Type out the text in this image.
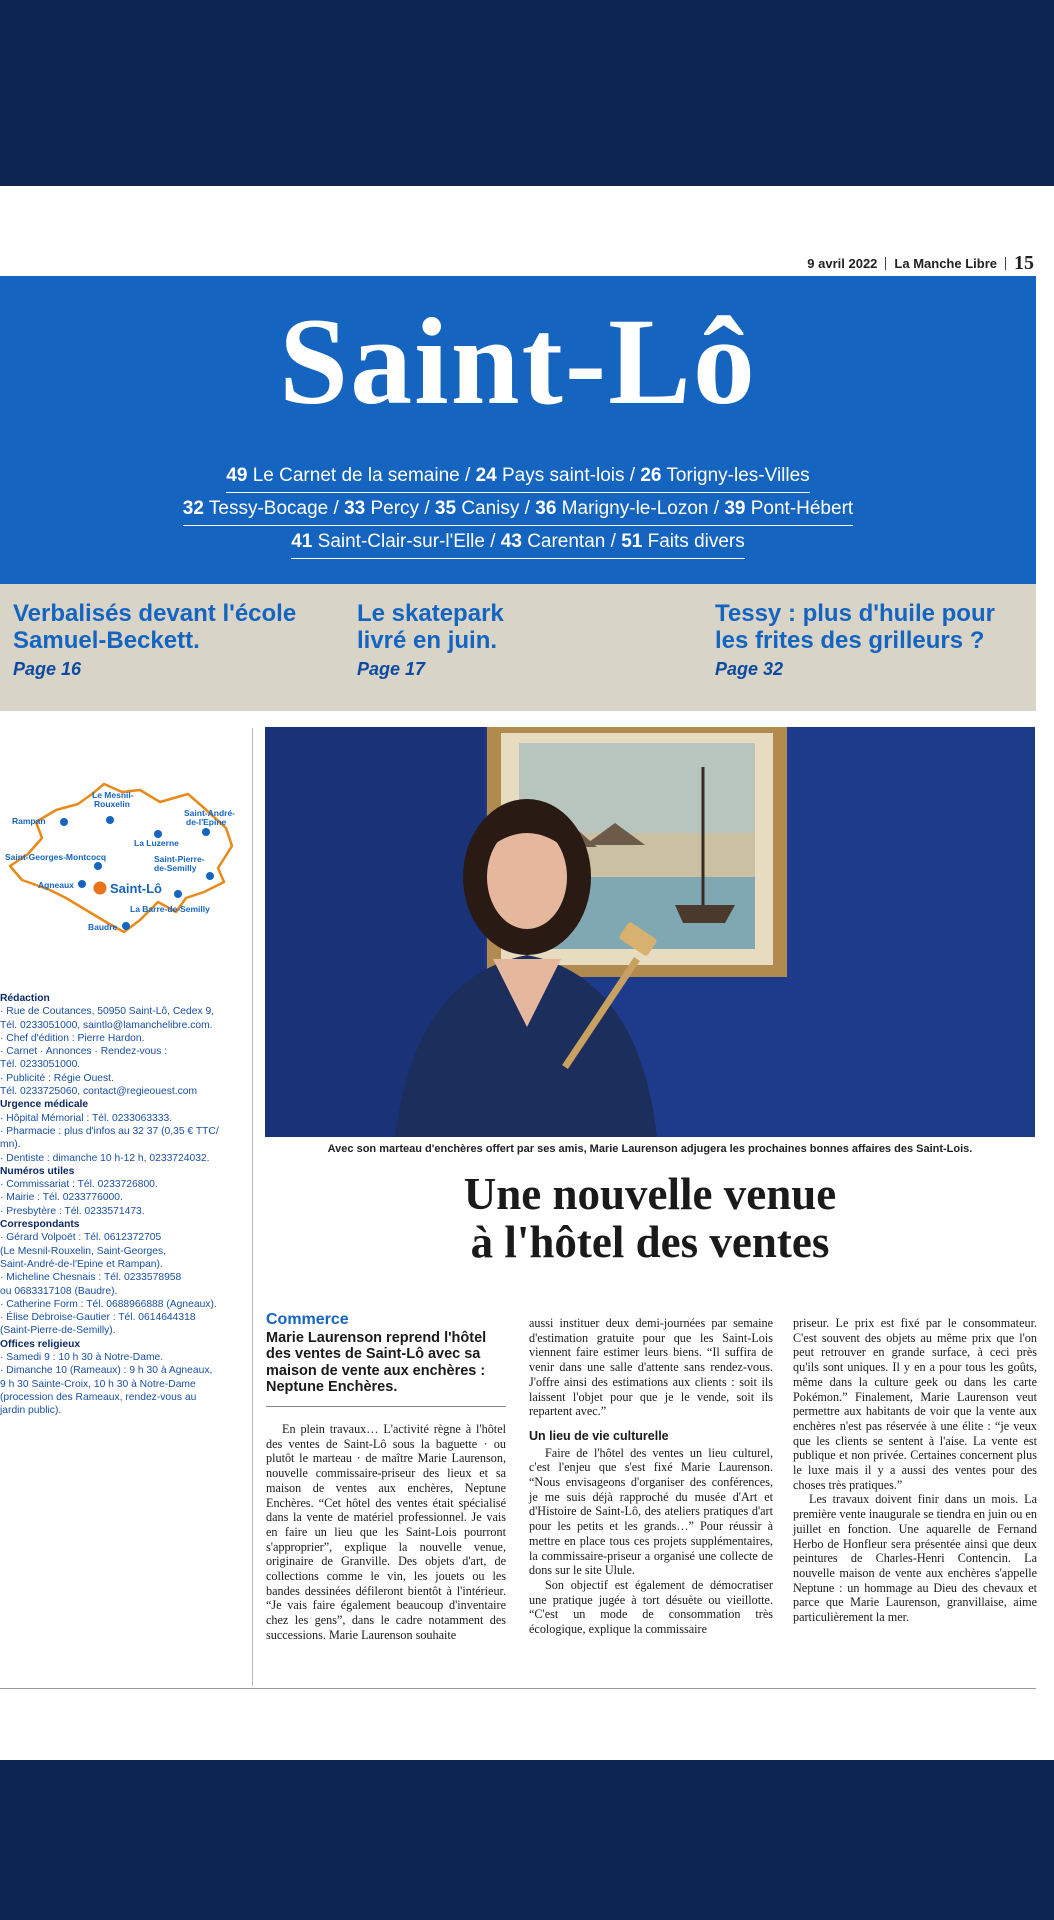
9 avril 2022 La Manche Libre 15
Saint-Lô
49 Le Carnet de la semaine / 24 Pays saint-lois / 26 Torigny-les-Villes
32 Tessy-Bocage / 33 Percy / 35 Canisy / 36 Marigny-le-Lozon / 39 Pont-Hébert
41 Saint-Clair-sur-l'Elle / 43 Carentan / 51 Faits divers
Verbalisés devant l'école
Samuel-Beckett.
Page 16
Le skatepark
livré en juin.
Page 17
Tessy : plus d'huile pour
les frites des grilleurs ?
Page 32
Le Mesnil-
Rouxelin
Rampan
Saint-André-
de-l'Epine
La Luzerne
Saint-Georges-Montcocq	Saint-Pierre-
de-Semilly
Agneaux	Saint-Lô
La Barre-de-Semilly
Baudre
Rédaction
· Rue de Coutances, 50950 Saint-Lô, Cedex 9,
Tél. 0233051000, saintlo@lamanchelibre.com.
· Chef d'édition : Pierre Hardon.
· Carnet · Annonces · Rendez-vous :
Tél. 0233051000.
· Publicité : Régie Ouest.
Tél. 0233725060, contact@regieouest.com
Urgence médicale
· Hôpital Mémorial : Tél. 0233063333.
· Pharmacie : plus d'infos au 32 37 (0,35 € TTC/
mn).
· Dentiste : dimanche 10 h-12 h, 0233724032.
Numéros utiles
· Commissariat : Tél. 0233726800.
· Mairie : Tél. 0233776000.
· Presbytère : Tél. 0233571473.
Correspondants
· Gérard Volpoët : Tél. 0612372705
(Le Mesnil-Rouxelin, Saint-Georges,
Saint-André-de-l'Epine et Rampan).
· Micheline Chesnais : Tél. 0233578958
ou 0683317108 (Baudre).
· Catherine Form : Tél. 0688966888 (Agneaux).
· Élise Debroise-Gautier : Tél. 0614644318
(Saint-Pierre-de-Semilly).
Offices religieux
· Samedi 9 : 10 h 30 à Notre-Dame.
· Dimanche 10 (Rameaux) : 9 h 30 à Agneaux,
9 h 30 Sainte-Croix, 10 h 30 à Notre-Dame
(procession des Rameaux, rendez-vous au
jardin public).
Avec son marteau d'enchères offert par ses amis, Marie Laurenson adjugera les prochaines bonnes affaires des Saint-Lois.
Une nouvelle venue
à l'hôtel des ventes
Commerce
Marie Laurenson reprend l'hôtel des ventes de Saint-Lô avec sa maison de vente aux enchères : Neptune Enchères.

En plein travaux… L'activité règne à l'hôtel des ventes de Saint-Lô sous la baguette · ou plutôt le marteau · de maître Marie Laurenson, nouvelle commissaire-priseur des lieux et sa maison de ventes aux enchères, Neptune Enchères. “Cet hôtel des ventes était spécialisé dans la vente de matériel professionnel. Je vais en faire un lieu que les Saint-Lois pourront s'approprier”, explique la nouvelle venue, originaire de Granville. Des objets d'art, de collections comme le vin, les jouets ou les bandes dessinées défileront bientôt à l'intérieur. “Je vais faire également beaucoup d'inventaire chez les gens”, dans le cadre notamment des successions. Marie Laurenson souhaite

aussi instituer deux demi-journées par semaine d'estimation gratuite pour que les Saint-Lois viennent faire estimer leurs biens. “Il suffira de venir dans une salle d'attente sans rendez-vous. J'offre ainsi des estimations aux clients : soit ils laissent l'objet pour que je le vende, soit ils repartent avec.”

Un lieu de vie culturelle

Faire de l'hôtel des ventes un lieu culturel, c'est l'enjeu que s'est fixé Marie Laurenson. “Nous envisageons d'organiser des conférences, je me suis déjà rapproché du musée d'Art et d'Histoire de Saint-Lô, des ateliers pratiques d'art pour les petits et les grands…” Pour réussir à mettre en place tous ces projets supplémentaires, la commissaire-priseur a organisé une collecte de dons sur le site Ulule.

Son objectif est également de démocratiser une pratique jugée à tort désuète ou vieillotte. “C'est un mode de consommation très écologique, explique la commissaire

priseur. Le prix est fixé par le consommateur. C'est souvent des objets au même prix que l'on peut retrouver en grande surface, à ceci près qu'ils sont uniques. Il y en a pour tous les goûts, même dans la culture geek ou dans les carte Pokémon.” Finalement, Marie Laurenson veut permettre aux habitants de voir que la vente aux enchères n'est pas réservée à une élite : “je veux que les clients se sentent à l'aise. La vente est publique et non privée. Certaines concernent plus le luxe mais il y a aussi des ventes pour des choses très pratiques.”

Les travaux doivent finir dans un mois. La première vente inaugurale se tiendra en juin ou en juillet en fonction. Une aquarelle de Fernand Herbo de Honfleur sera présentée ainsi que deux peintures de Charles-Henri Contencin. La nouvelle maison de vente aux enchères s'appelle Neptune : un hommage au Dieu des chevaux et parce que Marie Laurenson, granvillaise, aime particulièrement la mer.
